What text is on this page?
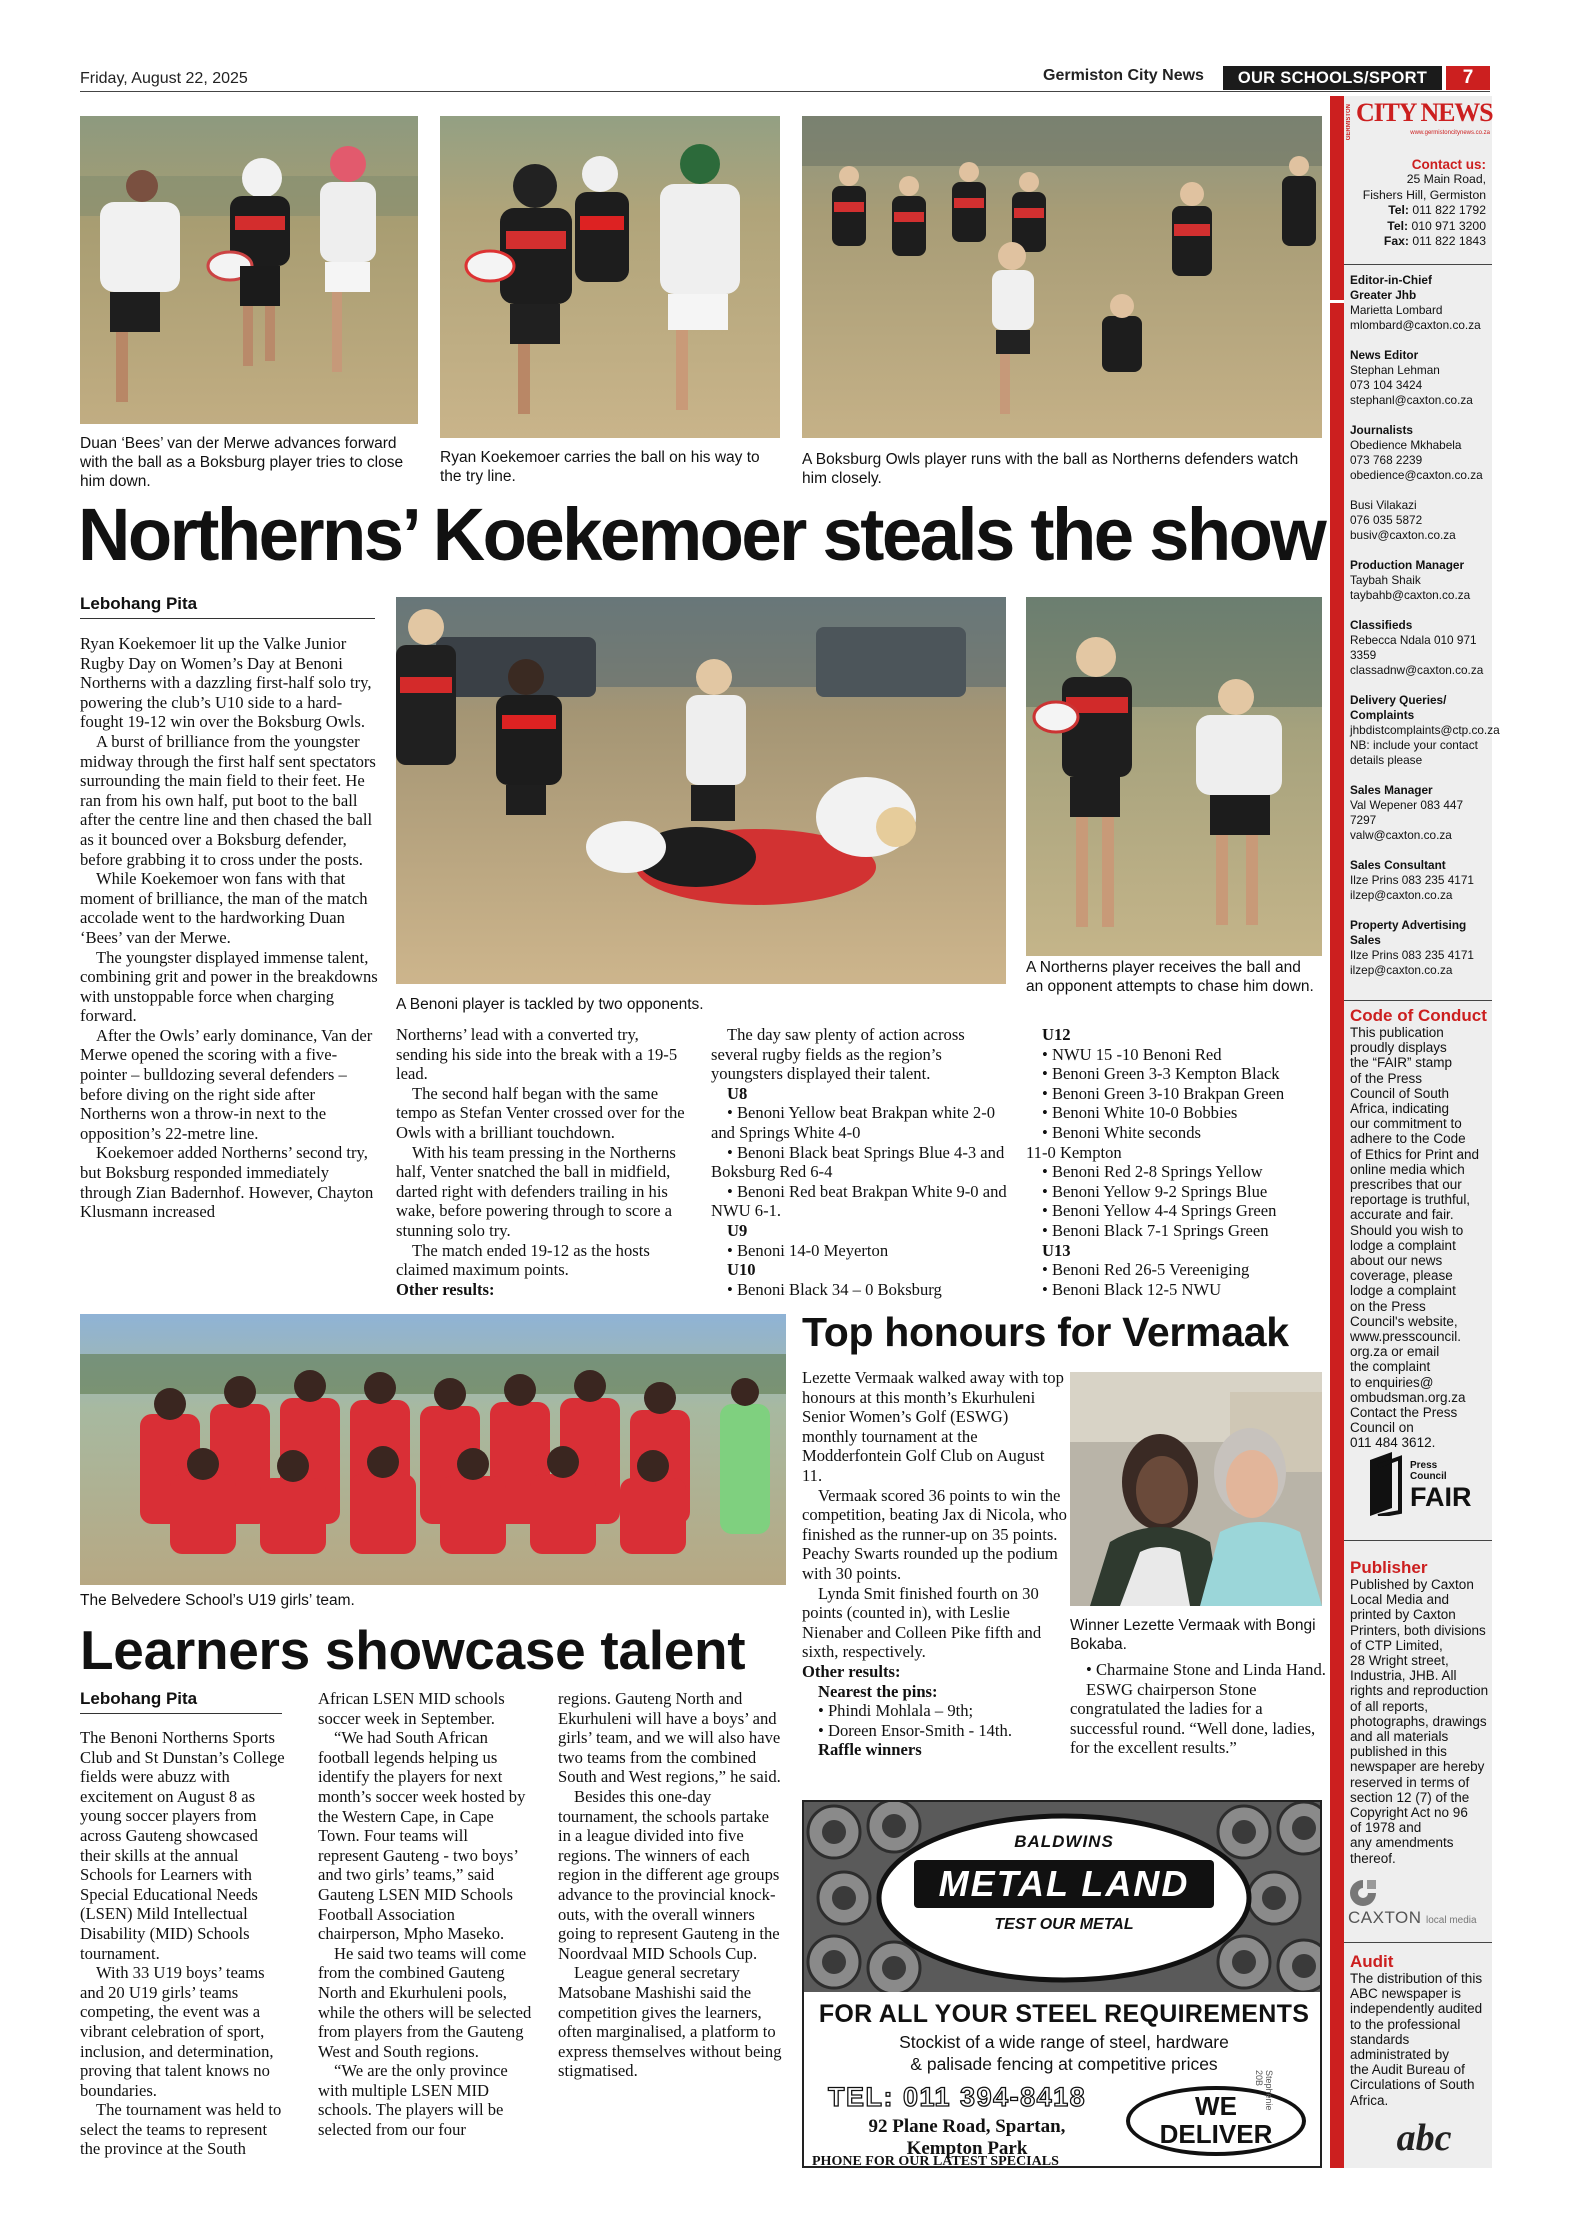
Friday, August 22, 2025	Germiston City News	OUR SCHOOLS/SPORT	7
Duan ‘Bees’ van der Merwe advances forward with the ball as a Boksburg player tries to close him down.
Ryan Koekemoer carries the ball on his way to the try line.
A Boksburg Owls player runs with the ball as Northerns defenders watch him closely.
Northerns’ Koekemoer steals the show
Lebohang Pita

Ryan Koekemoer lit up the Valke Junior Rugby Day on Women’s Day at Benoni Northerns with a dazzling first-half solo try, powering the club’s U10 side to a hard-fought 19-12 win over the Boksburg Owls.

A burst of brilliance from the youngster midway through the first half sent spectators surrounding the main field to their feet. He ran from his own half, put boot to the ball after the centre line and then chased the ball as it bounced over a Boksburg defender, before grabbing it to cross under the posts.

While Koekemoer won fans with that moment of brilliance, the man of the match accolade went to the hardworking Duan ‘Bees’ van der Merwe.

The youngster displayed immense talent, combining grit and power in the breakdowns with unstoppable force when charging forward.

After the Owls’ early dominance, Van der Merwe opened the scoring with a five-pointer – bulldozing several defenders – before diving on the right side after Northerns won a throw-in next to the opposition’s 22-metre line.

Koekemoer added Northerns’ second try, but Boksburg responded immediately through Zian Badernhof. However, Chayton Klusmann increased

A Benoni player is tackled by two opponents.
A Northerns player receives the ball and an opponent attempts to chase him down.

Northerns’ lead with a converted try, sending his side into the break with a 19-5 lead.

The second half began with the same tempo as Stefan Venter crossed over for the Owls with a brilliant touchdown.

With his team pressing in the Northerns half, Venter snatched the ball in midfield, darted right with defenders trailing in his wake, before powering through to score a stunning solo try.

The match ended 19-12 as the hosts claimed maximum points.

Other results:

The day saw plenty of action across several rugby fields as the region’s youngsters displayed their talent.

U8

• Benoni Yellow beat Brakpan white 2-0 and Springs White 4-0

• Benoni Black beat Springs Blue 4-3 and Boksburg Red 6-4

• Benoni Red beat Brakpan White 9-0 and NWU 6-1.

U9

• Benoni 14-0 Meyerton

U10

• Benoni Black 34 – 0 Boksburg

U12

• NWU 15 -10 Benoni Red

• Benoni Green 3-3 Kempton Black

• Benoni Green 3-10 Brakpan Green

• Benoni White 10-0 Bobbies

• Benoni White seconds

11-0 Kempton

• Benoni Red 2-8 Springs Yellow

• Benoni Yellow 9-2 Springs Blue

• Benoni Yellow 4-4 Springs Green

• Benoni Black 7-1 Springs Green

U13

• Benoni Red 26-5 Vereeniging

• Benoni Black 12-5 NWU

The Belvedere School’s U19 girls’ team.
Top honours for Vermaak

Lezette Vermaak walked away with top honours at this month’s Ekurhuleni Senior Women’s Golf (ESWG) monthly tournament at the Modderfontein Golf Club on August 11.

Vermaak scored 36 points to win the competition, beating Jax di Nicola, who finished as the runner-up on 35 points. Peachy Swarts rounded up the podium with 30 points.

Lynda Smit finished fourth on 30 points (counted in), with Leslie Nienaber and Colleen Pike fifth and sixth, respectively.

Other results:

Nearest the pins:

• Phindi Mohlala – 9th;

• Doreen Ensor-Smith - 14th.

Raffle winners

Winner Lezette Vermaak with Bongi Bokaba.

• Charmaine Stone and Linda Hand.

ESWG chairperson Stone congratulated the ladies for a successful round. “Well done, ladies, for the excellent results.”

Learners showcase talent
Lebohang Pita

The Benoni Northerns Sports Club and St Dunstan’s College fields were abuzz with excitement on August 8 as young soccer players from across Gauteng showcased their skills at the annual Schools for Learners with Special Educational Needs (LSEN) Mild Intellectual Disability (MID) Schools tournament.

With 33 U19 boys’ teams and 20 U19 girls’ teams competing, the event was a vibrant celebration of sport, inclusion, and determination, proving that talent knows no boundaries.

The tournament was held to select the teams to represent the province at the South

African LSEN MID schools soccer week in September.

“We had South African football legends helping us identify the players for next month’s soccer week hosted by the Western Cape, in Cape Town. Four teams will represent Gauteng - two boys’ and two girls’ teams,” said Gauteng LSEN MID Schools Football Association chairperson, Mpho Maseko.

He said two teams will come from the combined Gauteng North and Ekurhuleni pools, while the others will be selected from players from the Gauteng West and South regions.

“We are the only province with multiple LSEN MID schools. The players will be selected from our four

regions. Gauteng North and Ekurhuleni will have a boys’ and girls’ team, and we will also have two teams from the combined South and West regions,” he said.

Besides this one-day tournament, the schools partake in a league divided into five regions. The winners of each region in the different age groups advance to the provincial knock-outs, with the overall winners going to represent Gauteng in the Noordvaal MID Schools Cup.

League general secretary Matsobane Mashishi said the competition gives the learners, often marginalised, a platform to express themselves without being stigmatised.

BALDWINS
METAL LAND
TEST OUR METAL
FOR ALL YOUR STEEL REQUIREMENTS
Stockist of a wide range of steel, hardware
& palisade fencing at competitive prices
TEL: 011 394-8418
92 Plane Road, Spartan,
Kempton Park
WE
DELIVER
Stephenie 20B
PHONE FOR OUR LATEST SPECIALS
GERMISTON CITY NEWS
www.germistoncitynews.co.za
Contact us:
25 Main Road,
Fishers Hill, Germiston
Tel: 011 822 1792
Tel: 010 971 3200
Fax: 011 822 1843
Editor-in-Chief
Greater Jhb
Marietta Lombard
mlombard@caxton.co.za
News Editor
Stephan Lehman
073 104 3424
stephanl@caxton.co.za
Journalists
Obedience Mkhabela
073 768 2239
obedience@caxton.co.za
Busi Vilakazi
076 035 5872
busiv@caxton.co.za
Production Manager
Taybah Shaik
taybahb@caxton.co.za
Classifieds
Rebecca Ndala 010 971 3359
classadnw@caxton.co.za
Delivery Queries/
Complaints
jhbdistcomplaints@ctp.co.za
NB: include your contact
details please
Sales Manager
Val Wepener 083 447 7297
valw@caxton.co.za
Sales Consultant
Ilze Prins 083 235 4171
ilzep@caxton.co.za
Property Advertising Sales
Ilze Prins 083 235 4171
ilzep@caxton.co.za
Code of Conduct
This publication
proudly displays
the “FAIR” stamp
of the Press
Council of South
Africa, indicating
our commitment to
adhere to the Code
of Ethics for Print and
online media which
prescribes that our
reportage is truthful,
accurate and fair.
Should you wish to
lodge a complaint
about our news
coverage, please
lodge a complaint
on the Press
Council's website,
www.presscouncil.
org.za or email
the complaint
to enquiries@
ombudsman.org.za
Contact the Press
Council on
011 484 3612.
Press Council
FAIR
Publisher
Published by Caxton
Local Media and
printed by Caxton
Printers, both divisions
of CTP Limited,
28 Wright street,
Industria, JHB. All
rights and reproduction
of all reports,
photographs, drawings
and all materials
published in this
newspaper are hereby
reserved in terms of
section 12 (7) of the
Copyright Act no 96
of 1978 and
any amendments
thereof.
CAXTON local media
Audit
The distribution of this
ABC newspaper is
independently audited
to the professional
standards
administrated by
the Audit Bureau of
Circulations of South
Africa.
abc
